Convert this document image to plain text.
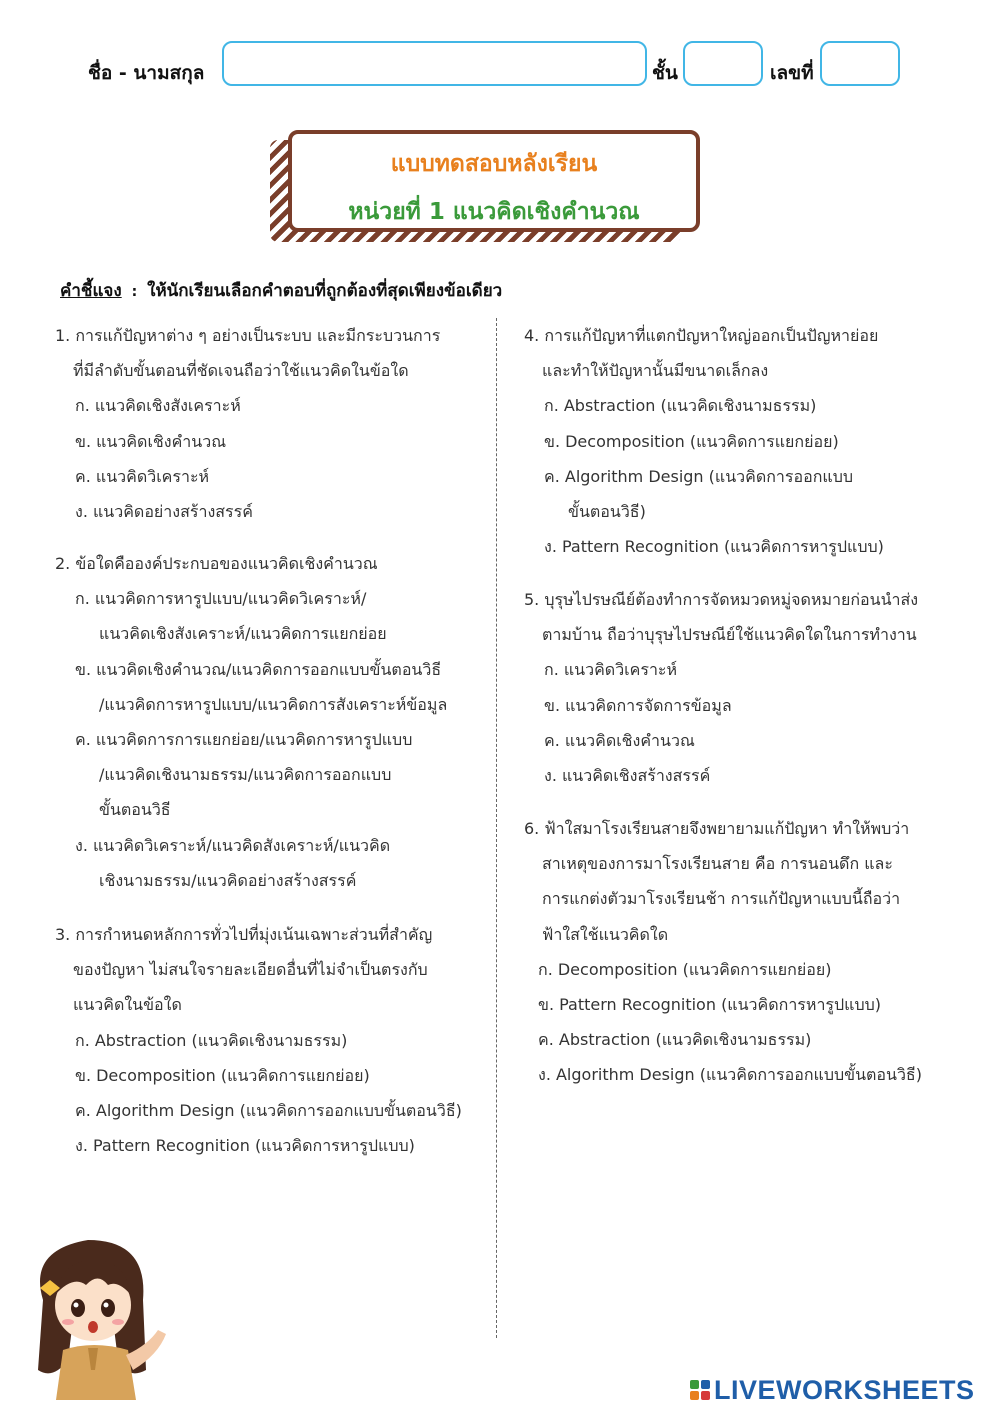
ชื่อ - นามสกุล	ชั้น	เลขที่
แบบทดสอบหลังเรียน
หน่วยที่ 1 แนวคิดเชิงคำนวณ
คำชี้แจง : ให้นักเรียนเลือกคำตอบที่ถูกต้องที่สุดเพียงข้อเดียว
1. การแก้ปัญหาต่าง ๆ อย่างเป็นระบบ และมีกระบวนการ
ที่มีลำดับขั้นตอนที่ชัดเจนถือว่าใช้แนวคิดในข้อใด
ก. แนวคิดเชิงสังเคราะห์
ข. แนวคิดเชิงคำนวณ
ค. แนวคิดวิเคราะห์
ง. แนวคิดอย่างสร้างสรรค์
2. ข้อใดคือองค์ประกบอของแนวคิดเชิงคำนวณ
ก. แนวคิดการหารูปแบบ/แนวคิดวิเคราะห์/
แนวคิดเชิงสังเคราะห์/แนวคิดการแยกย่อย
ข. แนวคิดเชิงคำนวณ/แนวคิดการออกแบบขั้นตอนวิธี
/แนวคิดการหารูปแบบ/แนวคิดการสังเคราะห์ข้อมูล
ค. แนวคิดการการแยกย่อย/แนวคิดการหารูปแบบ
/แนวคิดเชิงนามธรรม/แนวคิดการออกแบบ
ขั้นตอนวิธี
ง. แนวคิดวิเคราะห์/แนวคิดสังเคราะห์/แนวคิด
เชิงนามธรรม/แนวคิดอย่างสร้างสรรค์
3. การกำหนดหลักการทั่วไปที่มุ่งเน้นเฉพาะส่วนที่สำคัญ
ของปัญหา ไม่สนใจรายละเอียดอื่นที่ไม่จำเป็นตรงกับ
แนวคิดในข้อใด
ก. Abstraction (แนวคิดเชิงนามธรรม)
ข. Decomposition (แนวคิดการแยกย่อย)
ค. Algorithm Design (แนวคิดการออกแบบขั้นตอนวิธี)
ง. Pattern Recognition (แนวคิดการหารูปแบบ)
4. การแก้ปัญหาที่แตกปัญหาใหญ่ออกเป็นปัญหาย่อย
และทำให้ปัญหานั้นมีขนาดเล็กลง
ก. Abstraction (แนวคิดเชิงนามธรรม)
ข. Decomposition (แนวคิดการแยกย่อย)
ค. Algorithm Design (แนวคิดการออกแบบ
ขั้นตอนวิธี)
ง. Pattern Recognition (แนวคิดการหารูปแบบ)
5. บุรุษไปรษณีย์ต้องทำการจัดหมวดหมู่จดหมายก่อนนำส่ง
ตามบ้าน ถือว่าบุรุษไปรษณีย์ใช้แนวคิดใดในการทำงาน
ก. แนวคิดวิเคราะห์
ข. แนวคิดการจัดการข้อมูล
ค. แนวคิดเชิงคำนวณ
ง. แนวคิดเชิงสร้างสรรค์
6. ฟ้าใสมาโรงเรียนสายจึงพยายามแก้ปัญหา ทำให้พบว่า
สาเหตุของการมาโรงเรียนสาย คือ การนอนดึก และ
การแกต่งตัวมาโรงเรียนช้า การแก้ปัญหาแบบนี้ถือว่า
ฟ้าใสใช้แนวคิดใด
ก. Decomposition (แนวคิดการแยกย่อย)
ข. Pattern Recognition (แนวคิดการหารูปแบบ)
ค. Abstraction (แนวคิดเชิงนามธรรม)
ง. Algorithm Design (แนวคิดการออกแบบขั้นตอนวิธี)
LIVEWORKSHEETS
